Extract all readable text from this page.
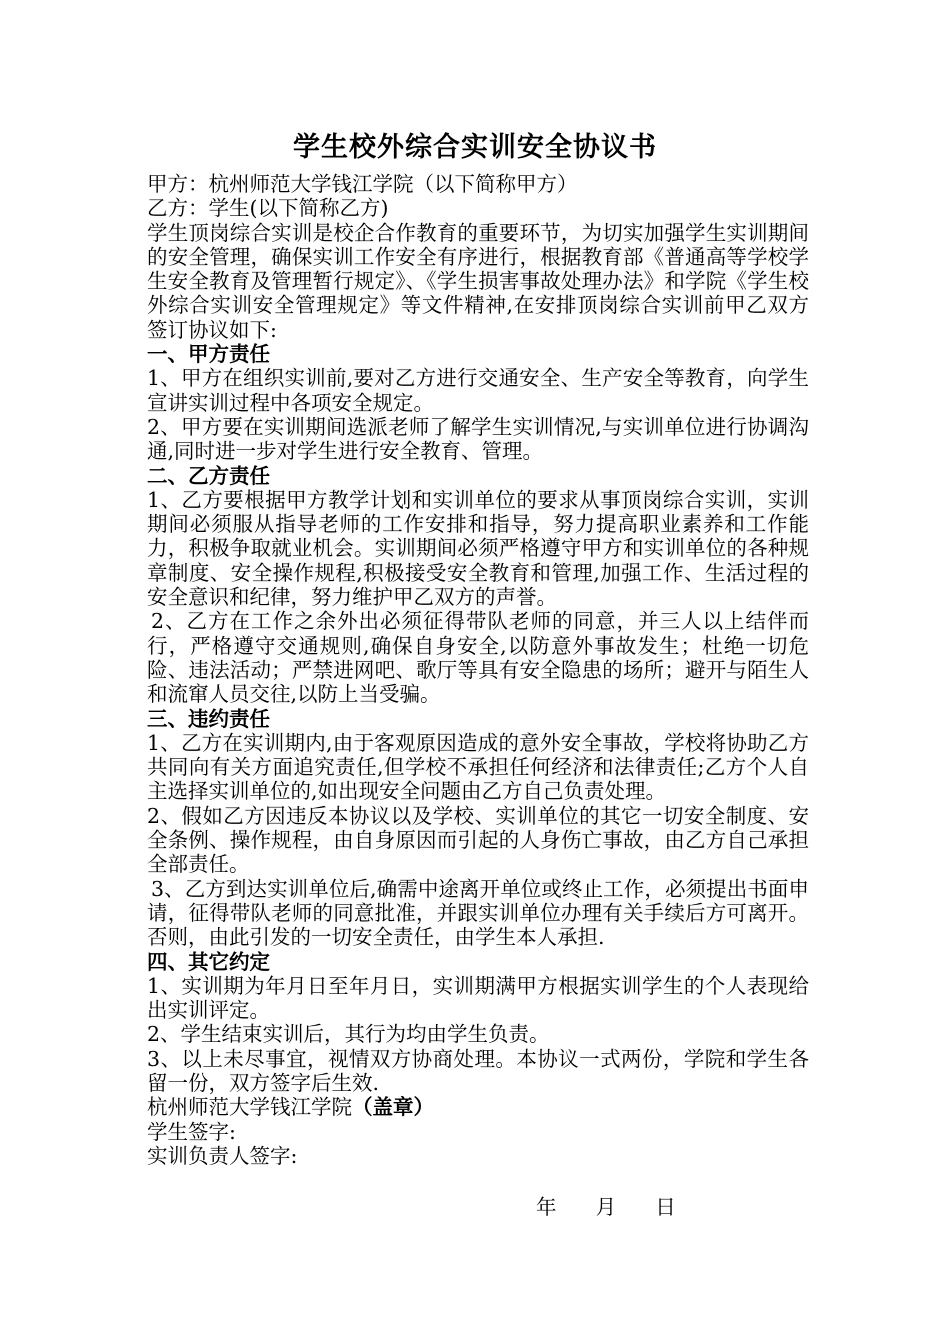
学生校外综合实训安全协议书

甲方：杭州师范大学钱江学院（以下简称甲方）

乙方：学生(以下简称乙方)

学生顶岗综合实训是校企合作教育的重要环节，为切实加强学生实训期间的安全管理，确保实训工作安全有序进行，根据教育部《普通高等学校学生安全教育及管理暂行规定》、《学生损害事故处理办法》和学院《学生校外综合实训安全管理规定》等文件精神,在安排顶岗综合实训前甲乙双方签订协议如下:

一、甲方责任

1、甲方在组织实训前,要对乙方进行交通安全、生产安全等教育，向学生宣讲实训过程中各项安全规定。

2、甲方要在实训期间选派老师了解学生实训情况,与实训单位进行协调沟通,同时进一步对学生进行安全教育、管理。

二、乙方责任

1、乙方要根据甲方教学计划和实训单位的要求从事顶岗综合实训，实训期间必须服从指导老师的工作安排和指导，努力提高职业素养和工作能力，积极争取就业机会。实训期间必须严格遵守甲方和实训单位的各种规章制度、安全操作规程,积极接受安全教育和管理,加强工作、生活过程的安全意识和纪律，努力维护甲乙双方的声誉。

2、乙方在工作之余外出必须征得带队老师的同意，并三人以上结伴而行，严格遵守交通规则,确保自身安全,以防意外事故发生；杜绝一切危险、违法活动；严禁进网吧、歌厅等具有安全隐患的场所；避开与陌生人和流窜人员交往,以防上当受骗。

三、违约责任

1、乙方在实训期内,由于客观原因造成的意外安全事故，学校将协助乙方共同向有关方面追究责任,但学校不承担任何经济和法律责任;乙方个人自主选择实训单位的,如出现安全问题由乙方自己负责处理。

2、假如乙方因违反本协议以及学校、实训单位的其它一切安全制度、安全条例、操作规程，由自身原因而引起的人身伤亡事故，由乙方自己承担全部责任。

3、乙方到达实训单位后,确需中途离开单位或终止工作，必须提出书面申请，征得带队老师的同意批准，并跟实训单位办理有关手续后方可离开。否则，由此引发的一切安全责任，由学生本人承担.

四、其它约定

1、实训期为年月日至年月日，实训期满甲方根据实训学生的个人表现给出实训评定。

2、学生结束实训后，其行为均由学生负责。

3、以上未尽事宜，视情双方协商处理。本协议一式两份，学院和学生各留一份，双方签字后生效.

杭州师范大学钱江学院（盖章）

学生签字:

实训负责人签字:

年 月 日
